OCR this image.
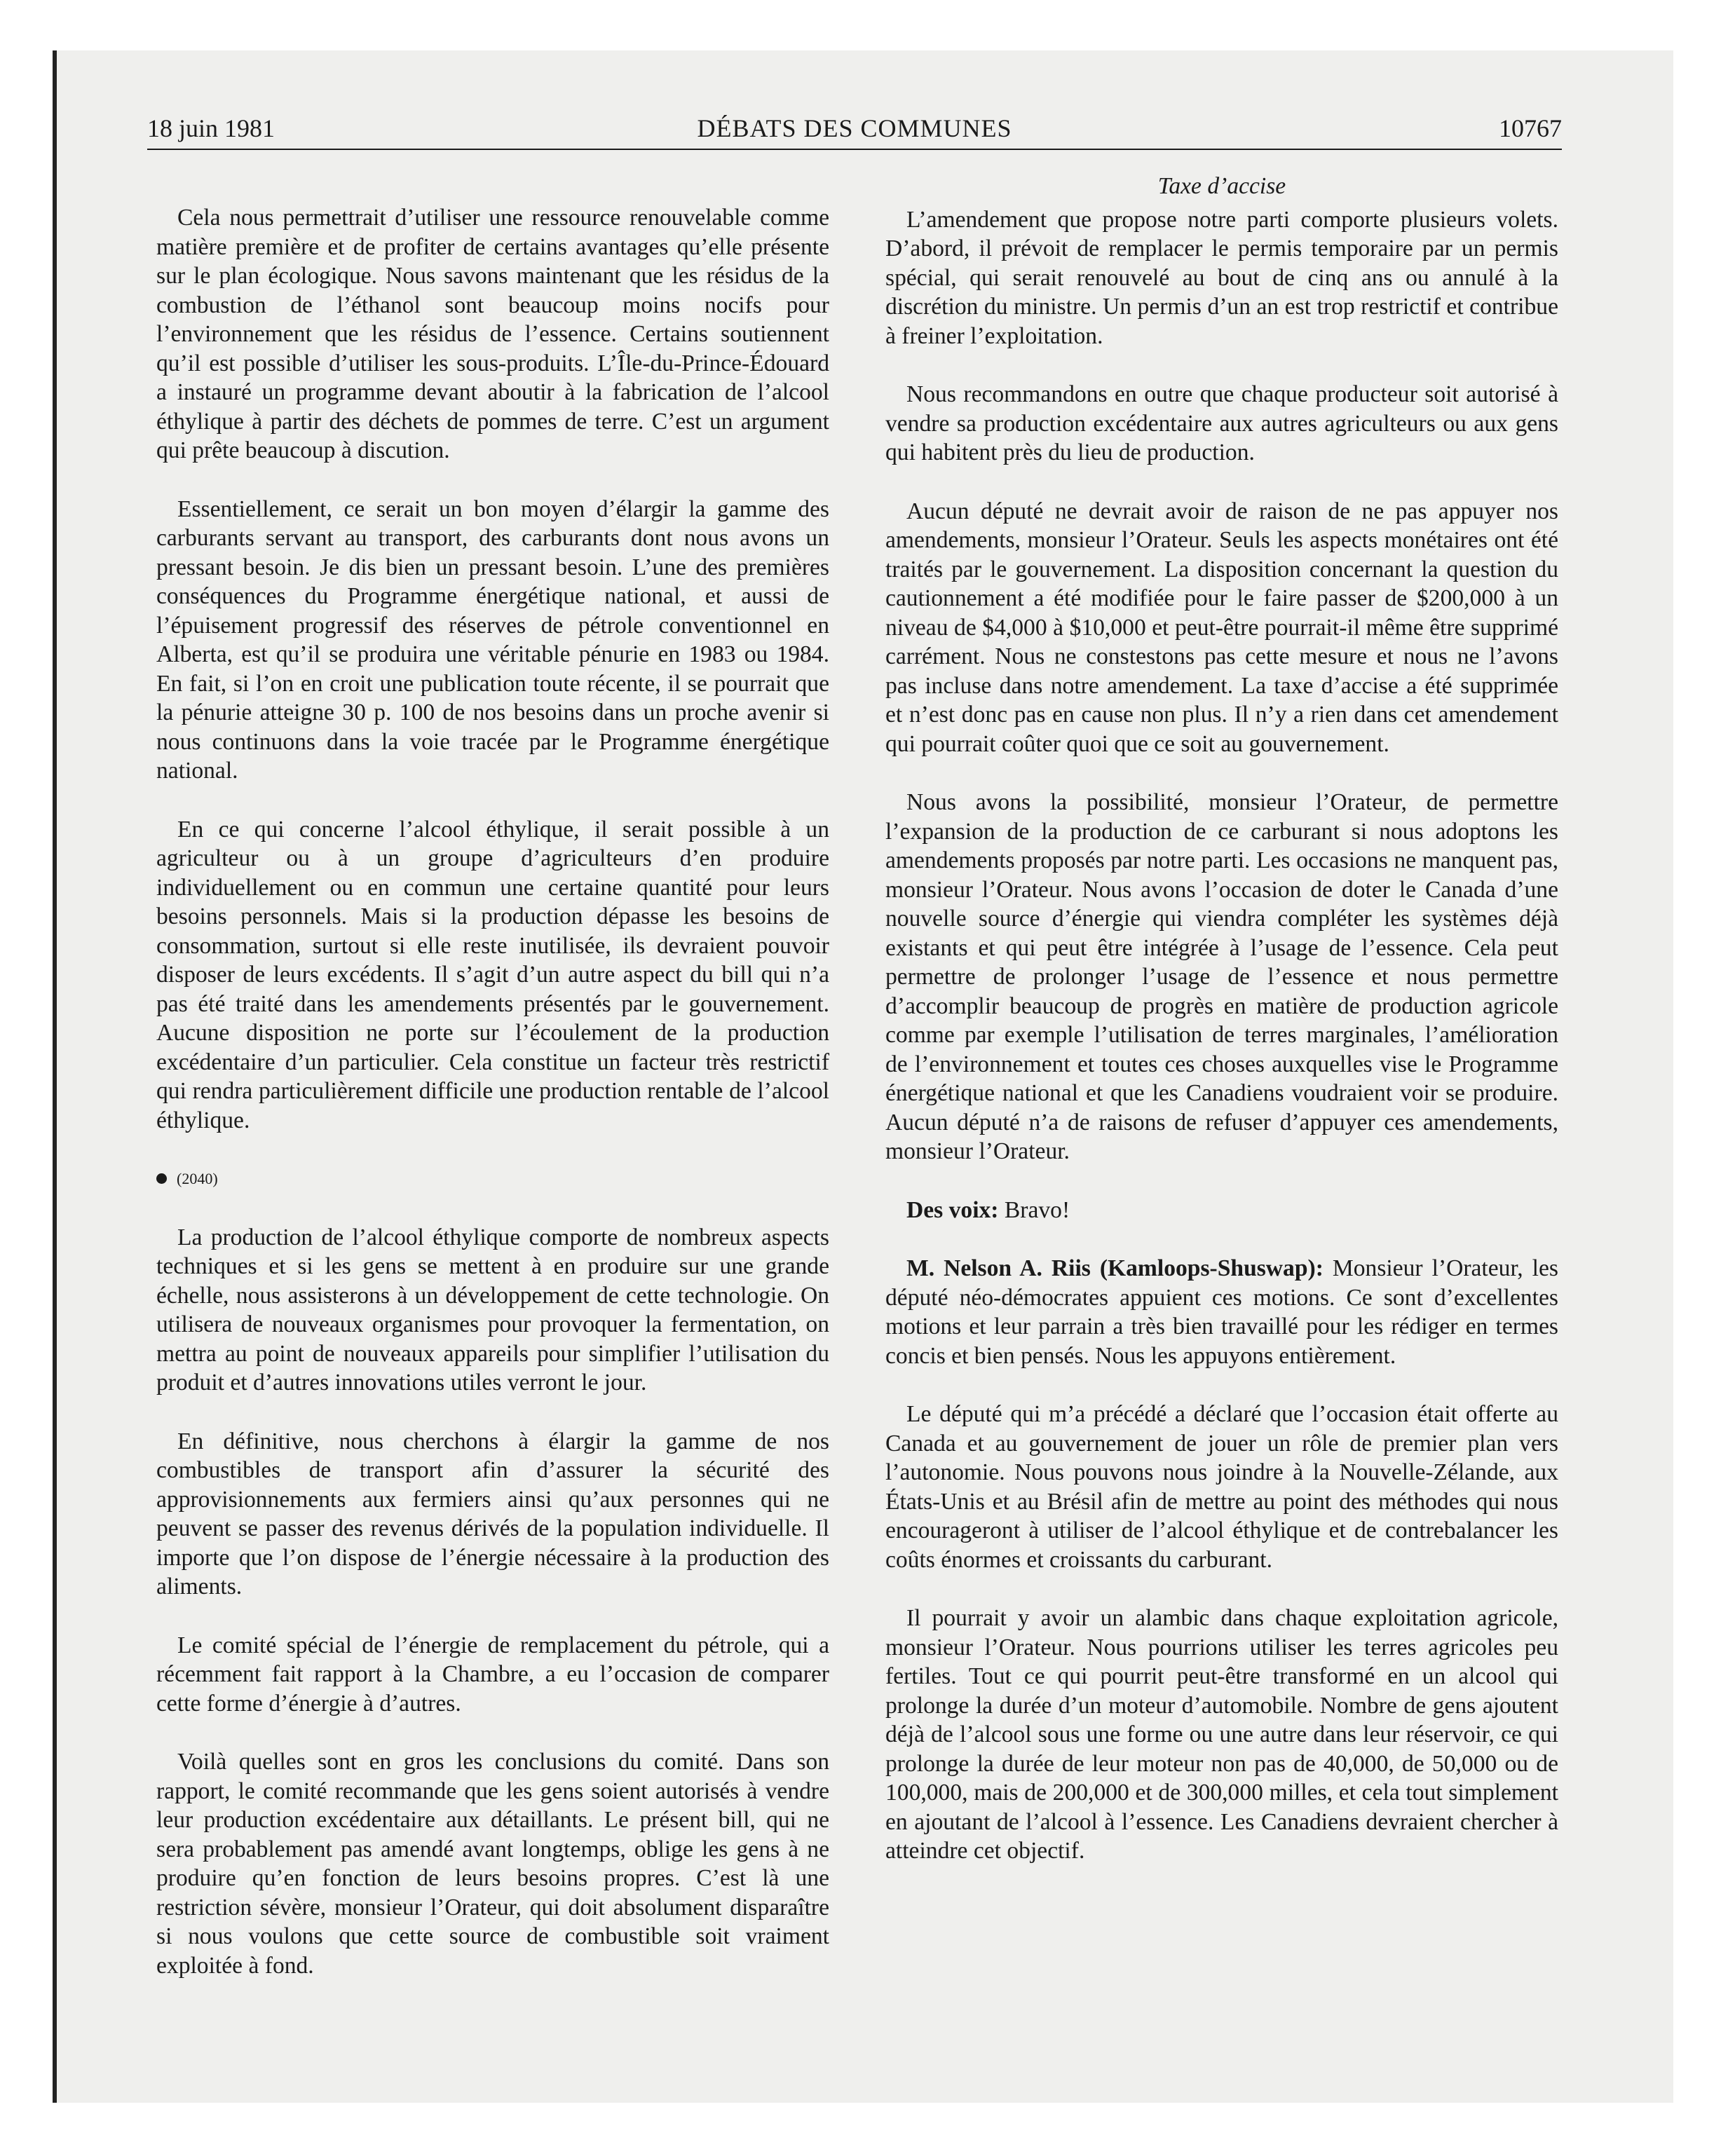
18 juin 1981	DÉBATS DES COMMUNES	10767

Cela nous permettrait d’utiliser une ressource renouvelable comme matière première et de profiter de certains avantages qu’elle présente sur le plan écologique. Nous savons maintenant que les résidus de la combustion de l’éthanol sont beaucoup moins nocifs pour l’environnement que les résidus de l’essence. Certains soutiennent qu’il est possible d’utiliser les sous-produits. L’Île-du-Prince-Édouard a instauré un programme devant aboutir à la fabrication de l’alcool éthylique à partir des déchets de pommes de terre. C’est un argument qui prête beaucoup à discution.

Essentiellement, ce serait un bon moyen d’élargir la gamme des carburants servant au transport, des carburants dont nous avons un pressant besoin. Je dis bien un pressant besoin. L’une des premières conséquences du Programme énergétique national, et aussi de l’épuisement progressif des réserves de pétrole conventionnel en Alberta, est qu’il se produira une véritable pénurie en 1983 ou 1984. En fait, si l’on en croit une publication toute récente, il se pourrait que la pénurie atteigne 30 p. 100 de nos besoins dans un proche avenir si nous continuons dans la voie tracée par le Programme énergétique national.

En ce qui concerne l’alcool éthylique, il serait possible à un agriculteur ou à un groupe d’agriculteurs d’en produire individuellement ou en commun une certaine quantité pour leurs besoins personnels. Mais si la production dépasse les besoins de consommation, surtout si elle reste inutilisée, ils devraient pouvoir disposer de leurs excédents. Il s’agit d’un autre aspect du bill qui n’a pas été traité dans les amendements présentés par le gouvernement. Aucune disposition ne porte sur l’écoulement de la production excédentaire d’un particulier. Cela constitue un facteur très restrictif qui rendra particulièrement difficile une production rentable de l’alcool éthylique.

(2040)

La production de l’alcool éthylique comporte de nombreux aspects techniques et si les gens se mettent à en produire sur une grande échelle, nous assisterons à un développement de cette technologie. On utilisera de nouveaux organismes pour provoquer la fermentation, on mettra au point de nouveaux appareils pour simplifier l’utilisation du produit et d’autres innovations utiles verront le jour.

En définitive, nous cherchons à élargir la gamme de nos combustibles de transport afin d’assurer la sécurité des approvisionnements aux fermiers ainsi qu’aux personnes qui ne peuvent se passer des revenus dérivés de la population individuelle. Il importe que l’on dispose de l’énergie nécessaire à la production des aliments.

Le comité spécial de l’énergie de remplacement du pétrole, qui a récemment fait rapport à la Chambre, a eu l’occasion de comparer cette forme d’énergie à d’autres.

Voilà quelles sont en gros les conclusions du comité. Dans son rapport, le comité recommande que les gens soient autorisés à vendre leur production excédentaire aux détaillants. Le présent bill, qui ne sera probablement pas amendé avant longtemps, oblige les gens à ne produire qu’en fonction de leurs besoins propres. C’est là une restriction sévère, monsieur l’Orateur, qui doit absolument disparaître si nous voulons que cette source de combustible soit vraiment exploitée à fond.

Taxe d’accise

L’amendement que propose notre parti comporte plusieurs volets. D’abord, il prévoit de remplacer le permis temporaire par un permis spécial, qui serait renouvelé au bout de cinq ans ou annulé à la discrétion du ministre. Un permis d’un an est trop restrictif et contribue à freiner l’exploitation.

Nous recommandons en outre que chaque producteur soit autorisé à vendre sa production excédentaire aux autres agriculteurs ou aux gens qui habitent près du lieu de production.

Aucun député ne devrait avoir de raison de ne pas appuyer nos amendements, monsieur l’Orateur. Seuls les aspects monétaires ont été traités par le gouvernement. La disposition concernant la question du cautionnement a été modifiée pour le faire passer de $200,000 à un niveau de $4,000 à $10,000 et peut-être pourrait-il même être supprimé carrément. Nous ne constestons pas cette mesure et nous ne l’avons pas incluse dans notre amendement. La taxe d’accise a été supprimée et n’est donc pas en cause non plus. Il n’y a rien dans cet amendement qui pourrait coûter quoi que ce soit au gouvernement.

Nous avons la possibilité, monsieur l’Orateur, de permettre l’expansion de la production de ce carburant si nous adoptons les amendements proposés par notre parti. Les occasions ne manquent pas, monsieur l’Orateur. Nous avons l’occasion de doter le Canada d’une nouvelle source d’énergie qui viendra compléter les systèmes déjà existants et qui peut être intégrée à l’usage de l’essence. Cela peut permettre de prolonger l’usage de l’essence et nous permettre d’accomplir beaucoup de progrès en matière de production agricole comme par exemple l’utilisation de terres marginales, l’amélioration de l’environnement et toutes ces choses auxquelles vise le Programme énergétique national et que les Canadiens voudraient voir se produire. Aucun député n’a de raisons de refuser d’appuyer ces amendements, monsieur l’Orateur.

Des voix: Bravo!

M. Nelson A. Riis (Kamloops-Shuswap): Monsieur l’Orateur, les député néo-démocrates appuient ces motions. Ce sont d’excellentes motions et leur parrain a très bien travaillé pour les rédiger en termes concis et bien pensés. Nous les appuyons entièrement.

Le député qui m’a précédé a déclaré que l’occasion était offerte au Canada et au gouvernement de jouer un rôle de premier plan vers l’autonomie. Nous pouvons nous joindre à la Nouvelle-Zélande, aux États-Unis et au Brésil afin de mettre au point des méthodes qui nous encourageront à utiliser de l’alcool éthylique et de contrebalancer les coûts énormes et croissants du carburant.

Il pourrait y avoir un alambic dans chaque exploitation agricole, monsieur l’Orateur. Nous pourrions utiliser les terres agricoles peu fertiles. Tout ce qui pourrit peut-être transformé en un alcool qui prolonge la durée d’un moteur d’automobile. Nombre de gens ajoutent déjà de l’alcool sous une forme ou une autre dans leur réservoir, ce qui prolonge la durée de leur moteur non pas de 40,000, de 50,000 ou de 100,000, mais de 200,000 et de 300,000 milles, et cela tout simplement en ajoutant de l’alcool à l’essence. Les Canadiens devraient chercher à atteindre cet objectif.
